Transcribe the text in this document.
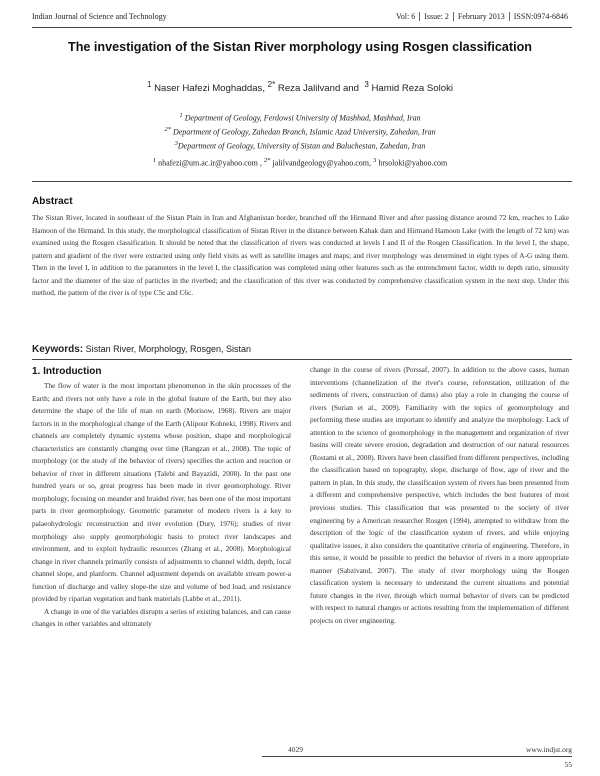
Indian Journal of Science and Technology	Vol: 6 Issue: 2 February 2013 ISSN:0974-6846
The investigation of the Sistan River morphology using Rosgen classification
$^1$ Naser Hafezi Moghaddas, $^{2*}$ Reza Jalilvand and $^3$ Hamid Reza Soloki
$^1$ Department of Geology, Ferdowsi University of Mashhad, Mashhad, Iran
$^{2*}$ Department of Geology, Zahedan Branch, Islamic Azad University, Zahedan, Iran
$^3$Department of Geology, University of Sistan and Baluchestan, Zahedan, Iran
$^1$ nhafezi@um.ac.ir@yahoo.com , $^{2*}$ jalilvandgeology@yahoo.com, $^3$ hrsoloki@yahoo.com
Abstract
The Sistan River, located in southeast of the Sistan Plain in Iran and Afghanistan border, branched off the Hirmand River and after passing distance around 72 km, reaches to Lake Hamoon of the Hirmand. In this study, the morphological classification of Sistan River in the distance between Kahak dam and Hirmand Hamoon Lake (with the length of 72 km) was examined using the Rosgen classification. It should be noted that the classification of rivers was conducted at levels I and II of the Rosgen Classification. In the level I, the shape, pattern and gradient of the river were extracted using only field visits as well as satellite images and maps; and river morphology was determined in eight types of A-G using them. Then in the level I, in addition to the parameters in the level I, the classification was completed using other features such as the entrenchment factor, width to depth ratio, sinuosity factor and the diameter of the size of particles in the riverbed; and the classification of this river was conducted by comprehensive classification system in the next step. Under this method, the pattern of the river is of type C5c and C6c.
Keywords: Sistan River, Morphology, Rosgen, Sistan
1. Introduction

The flow of water is the most important phenomenon in the skin processes of the Earth; and rivers not only have a role in the global feature of the Earth, but they also determine the shape of the life of man on earth (Morisow, 1968). Rivers are major factors in in the morphological change of the Earth (Alipour Kohneki, 1998). Rivers and channels are completely dynamic systems whose position, shape and morphological characteristics are constantly changing over time (Rangzan et al., 2008). The topic of morphology (or the study of the behavior of rivers) specifies the action and reaction or behavior of river in different situations (Talebi and Bayazidi, 2008). In the past one hundred years or so, great progress has been made in river geomorphology. River morphology, focusing on meander and braided river, has been one of the most important parts in river geomorphology. Geometric parameter of modern rivers is a key to palaeohydrologic reconstruction and river evolution (Dury, 1976); studies of river morphology also supply geomorphologic basis to protect river landscapes and environment, and to exploit hydraulic resources (Zhang et al., 2008). Morphological change in river channels primarily consists of adjustments to channel width, depth, local channel slope, and planform. Channel adjustment depends on available stream power-a function of discharge and valley slope-the size and volume of bed load, and resistance provided by riparian vegetation and bank materials (Labbe et al., 2011).

A change in one of the variables disrupts a series of existing balances, and can cause changes in other variables and ultimately

change in the course of rivers (Porssaf, 2007). In addition to the above cases, human interventions (channelization of the river's course, reforestation, utilization of the sediments of rivers, construction of dams) also play a role in changing the course of rivers (Surian et al., 2009). Familiarity with the topics of geomorphology and performing these studies are important to identify and analyze the morphology. Lack of attention to the science of geomorphology in the management and organization of river basins will create severe erosion, degradation and destruction of our natural resources (Rostami et al., 2008). Rivers have been classified from different perspectives, including the classification based on topography, slope, discharge of flow, age of river and the pattern in plan. In this study, the classification system of rivers has been presented from a different and comprehensive perspective, which includes the best features of most previous studies. This classification that was presented to the society of river engineering by a American researcher Rosgen (1994), attempted to withdraw from the description of the logic of the classification system of rivers, and while enjoying qualitative issues, it also considers the quantitative criteria of engineering. Therefore, in this sense, it would be possible to predict the behavior of rivers in a more appropriate manner (Sabzivand, 2007). The study of river morphology using the Rosgen classification system is necessary to understand the current situations and potential future changes in the river, through which normal behavior of rivers can be predicted with respect to natural changes or actions resulting from the implementation of different projects on river engineering.

4029	www.indjst.org
55
